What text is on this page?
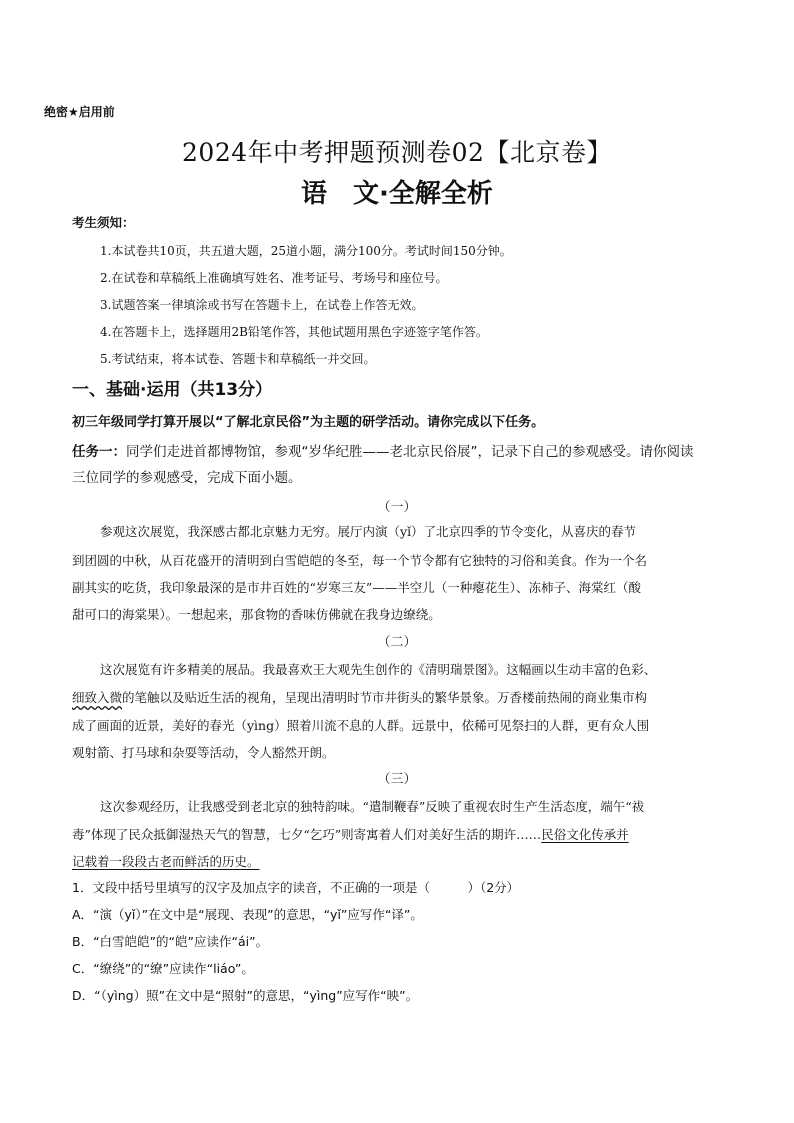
绝密★启用前
2024年中考押题预测卷02【北京卷】
语　文·全解全析
考生须知：
1.本试卷共10页，共五道大题，25道小题，满分100分。考试时间150分钟。
2.在试卷和草稿纸上准确填写姓名、准考证号、考场号和座位号。
3.试题答案一律填涂或书写在答题卡上，在试卷上作答无效。
4.在答题卡上，选择题用2B铅笔作答，其他试题用黑色字迹签字笔作答。
5.考试结束，将本试卷、答题卡和草稿纸一并交回。
一、基础·运用（共13分）
初三年级同学打算开展以“了解北京民俗”为主题的研学活动。请你完成以下任务。
任务一：同学们走进首都博物馆，参观“岁华纪胜——老北京民俗展”，记录下自己的参观感受。请你阅读
三位同学的参观感受，完成下面小题。
（一）
参观这次展览，我深感古都北京魅力无穷。展厅内演（yǐ）了北京四季的节令变化，从喜庆的春节
到团圆的中秋，从百花盛开的清明到白雪皑皑的冬至，每一个节令都有它独特的习俗和美食。作为一个名
副其实的吃货，我印象最深的是市井百姓的“岁寒三友”——半空儿（一种瘪花生）、冻柿子、海棠红（酸
甜可口的海棠果）。一想起来，那食物的香味仿佛就在我身边缭绕。
（二）
这次展览有许多精美的展品。我最喜欢王大观先生创作的《清明瑞景图》。这幅画以生动丰富的色彩、
细致入微的笔触以及贴近生活的视角，呈现出清明时节市井街头的繁华景象。万香楼前热闹的商业集市构
成了画面的近景，美好的春光（yìng）照着川流不息的人群。远景中，依稀可见祭扫的人群，更有众人围
观射箭、打马球和杂耍等活动，令人豁然开朗。
（三）
这次参观经历，让我感受到老北京的独特韵味。“遣制鞭春”反映了重视农时生产生活态度，端午“祓
毒”体现了民众抵御湿热天气的智慧，七夕“乞巧”则寄寓着人们对美好生活的期许……民俗文化传承并
记载着一段段古老而鲜活的历史。
1．文段中括号里填写的汉字及加点字的读音，不正确的一项是（　　　）（2分）
A．“演（yǐ）”在文中是“展现、表现”的意思，“yǐ”应写作“译”。
B．“白雪皑皑”的“皑”应读作“ái”。
C．“缭绕”的“缭”应读作“liáo”。
D．“（yìng）照”在文中是“照射”的意思，“yìng”应写作“映”。
